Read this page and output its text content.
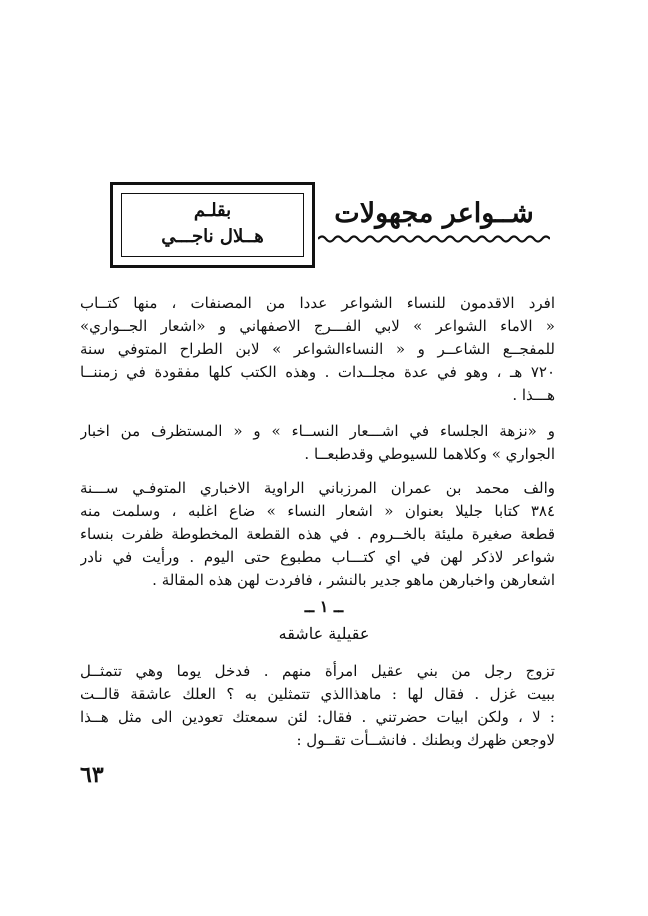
شــواعر مجهولات
بقلـم
هــلال ناجـــي
افرد الاقدمون للنساء الشواعر عددا من المصنفات ، منها كتــاب
« الاماء الشواعر » لابي الفـــرج الاصفهاني و «اشعار الجــواري»
للمفجــع الشاعــر و « النساءالشواعر » لابن الطراح المتوفي سنة
٧٢٠ هـ ، وهو في عدة مجلــدات . وهذه الكتب كلها مفقودة في زمننــا
هـــذا .
و «نزهة الجلساء في اشـــعار النســاء » و « المستظرف من اخبار
الجواري » وكلاهما للسيوطي وقدطبعــا .
والف محمد بن عمران المرزباني الراوية الاخباري المتوفـي ســـنة
٣٨٤ كتابا جليلا بعنوان « اشعار النساء » ضاع اغلبه ، وسلمت منه
قطعة صغيرة مليئة بالخــروم . في هذه القطعة المخطوطة ظفرت بنساء
شواعر لاذكر لهن في اي كتـــاب مطبوع حتى اليوم . ورأيت في نادر
اشعارهن واخبارهن ماهو جدير بالنشر ، فافردت لهن هذه المقالة .
ــ ١ ــ
عقيلية عاشقه
تزوج رجل من بني عقيل امرأة منهم . فدخل يوما وهي تتمثــل
ببيت غزل . فقال لها : ماهذاالذي تتمثلين به ؟ العلك عاشقة قالــت
: لا ، ولكن ابيات حضرتني . فقال: لئن سمعتك تعودين الى مثل هــذا
لاوجعن ظهرك وبطنك . فانشــأت تقــول :
٦٣
